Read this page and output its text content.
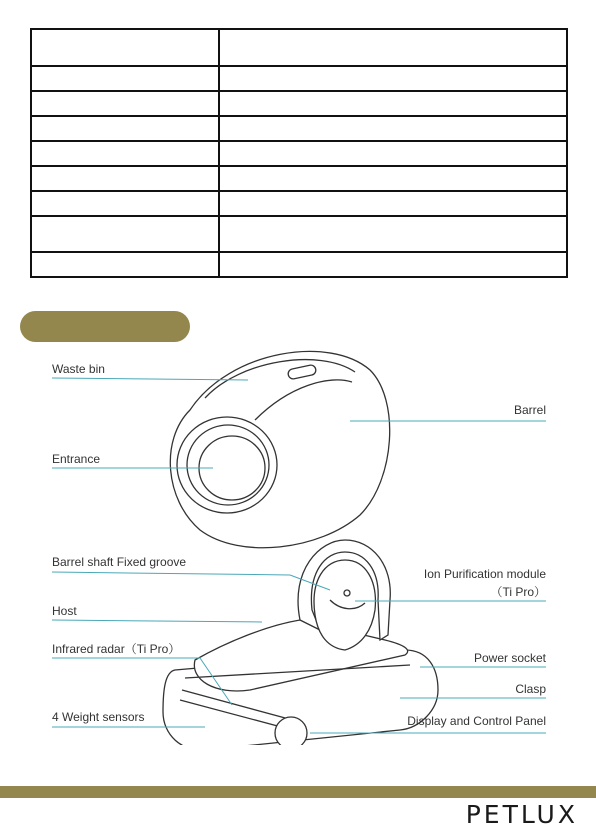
Waste bin
Barrel
Entrance
Barrel shaft Fixed groove
Ion Purification module
（Ti Pro）
Host
Infrared radar（Ti Pro）
Power socket
Clasp
4 Weight sensors	Display and Control Panel
PETLUX
